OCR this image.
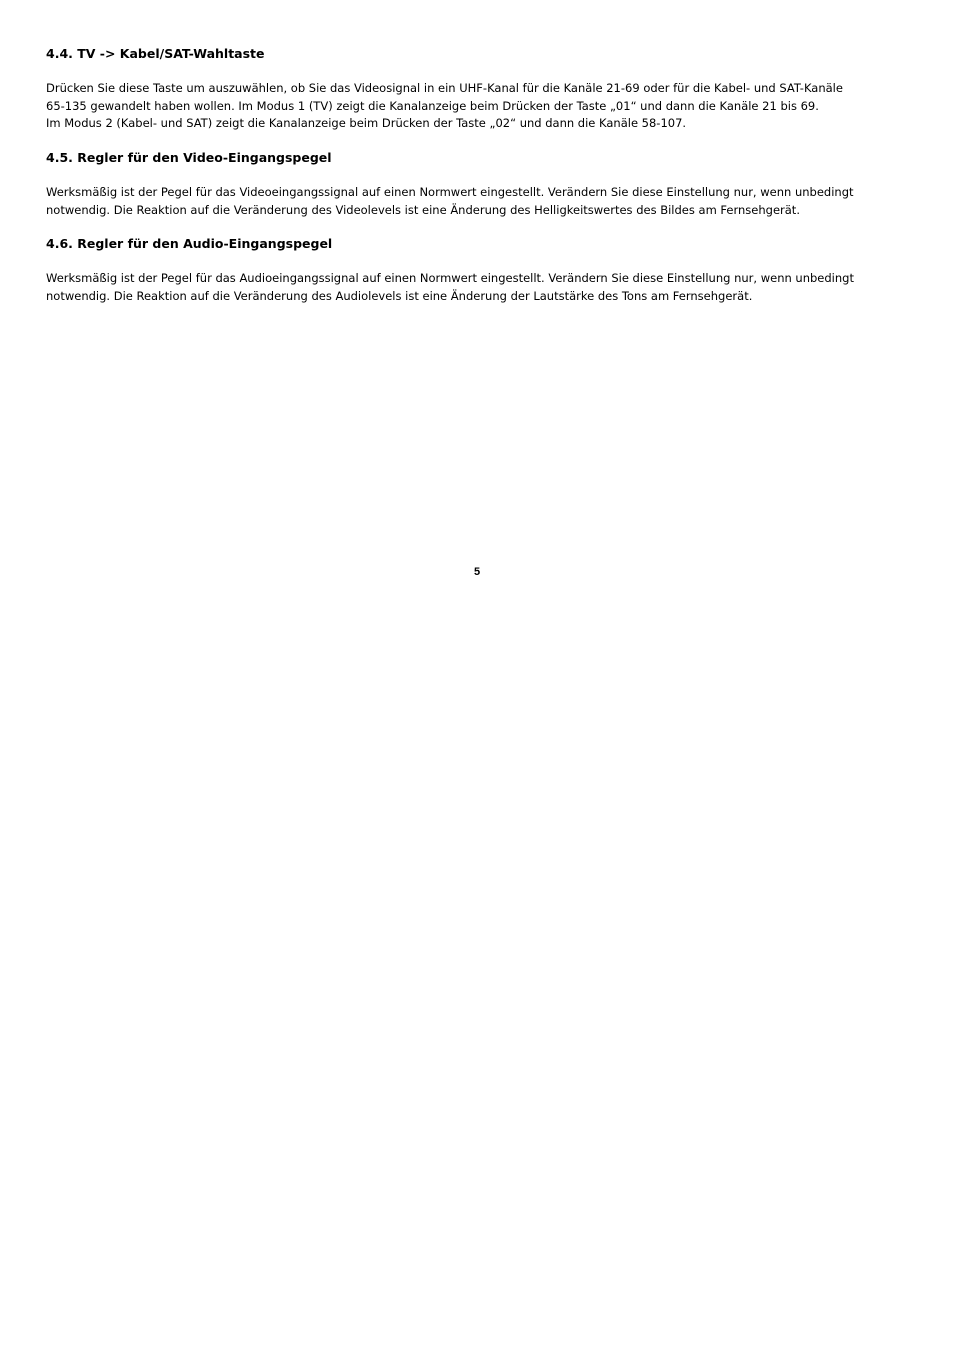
4.4. TV -> Kabel/SAT-Wahltaste

Drücken Sie diese Taste um auszuwählen, ob Sie das Videosignal in ein UHF-Kanal für die Kanäle 21-69 oder für die Kabel- und SAT-Kanäle
65-135 gewandelt haben wollen. Im Modus 1 (TV) zeigt die Kanalanzeige beim Drücken der Taste „01“ und dann die Kanäle 21 bis 69.
Im Modus 2 (Kabel- und SAT) zeigt die Kanalanzeige beim Drücken der Taste „02“ und dann die Kanäle 58-107.

4.5. Regler für den Video-Eingangspegel

Werksmäßig ist der Pegel für das Videoeingangssignal auf einen Normwert eingestellt. Verändern Sie diese Einstellung nur, wenn unbedingt
notwendig. Die Reaktion auf die Veränderung des Videolevels ist eine Änderung des Helligkeitswertes des Bildes am Fernsehgerät.

4.6. Regler für den Audio-Eingangspegel

Werksmäßig ist der Pegel für das Audioeingangssignal auf einen Normwert eingestellt. Verändern Sie diese Einstellung nur, wenn unbedingt
notwendig. Die Reaktion auf die Veränderung des Audiolevels ist eine Änderung der Lautstärke des Tons am Fernsehgerät.

5
